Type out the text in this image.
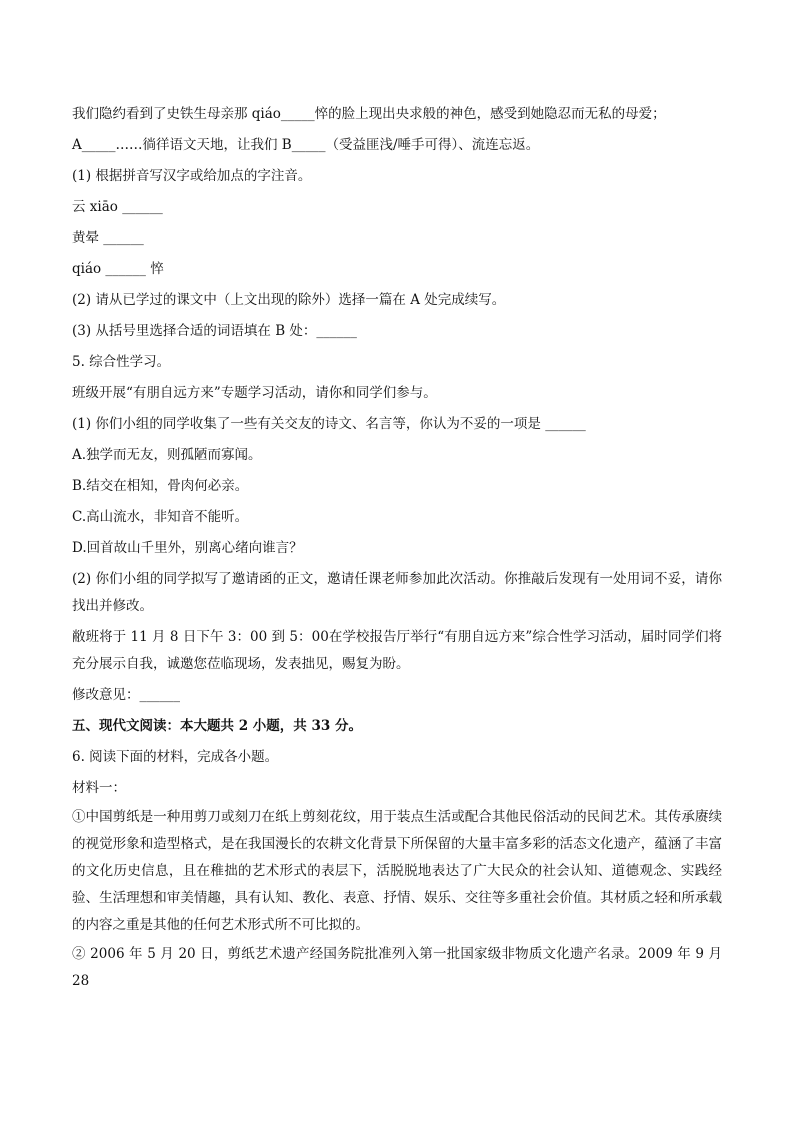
我们隐约看到了史铁生母亲那 qiáo_____悴的脸上现出央求般的神色，感受到她隐忍而无私的母爱；
A_____……徜徉语文天地，让我们 B_____（受益匪浅/唾手可得）、流连忘返。
(1) 根据拼音写汉字或给加点的字注音。
云 xiāo ______
黄晕 ______
qiáo ______ 悴
(2) 请从已学过的课文中（上文出现的除外）选择一篇在 A 处完成续写。
(3) 从括号里选择合适的词语填在 B 处：______
5. 综合性学习。
班级开展“有朋自远方来”专题学习活动，请你和同学们参与。
(1) 你们小组的同学收集了一些有关交友的诗文、名言等，你认为不妥的一项是 ______
A.独学而无友，则孤陋而寡闻。
B.结交在相知，骨肉何必亲。
C.高山流水，非知音不能听。
D.回首故山千里外，别离心绪向谁言？

(2) 你们小组的同学拟写了邀请函的正文，邀请任课老师参加此次活动。你推敲后发现有一处用词不妥，请你找出并修改。

敝班将于 11 月 8 日下午 3：00 到 5：00在学校报告厅举行“有朋自远方来”综合性学习活动，届时同学们将充分展示自我，诚邀您莅临现场，发表拙见，赐复为盼。

修改意见：______
五、现代文阅读：本大题共 2 小题，共 33 分。
6. 阅读下面的材料，完成各小题。
材料一：

①中国剪纸是一种用剪刀或刻刀在纸上剪刻花纹，用于装点生活或配合其他民俗活动的民间艺术。其传承赓续的视觉形象和造型格式，是在我国漫长的农耕文化背景下所保留的大量丰富多彩的活态文化遗产，蕴涵了丰富的文化历史信息，且在稚拙的艺术形式的表层下，活脱脱地表达了广大民众的社会认知、道德观念、实践经验、生活理想和审美情趣，具有认知、教化、表意、抒情、娱乐、交往等多重社会价值。其材质之轻和所承载的内容之重是其他的任何艺术形式所不可比拟的。

② 2006 年 5 月 20 日，剪纸艺术遗产经国务院批准列入第一批国家级非物质文化遗产名录。2009 年 9 月 28
